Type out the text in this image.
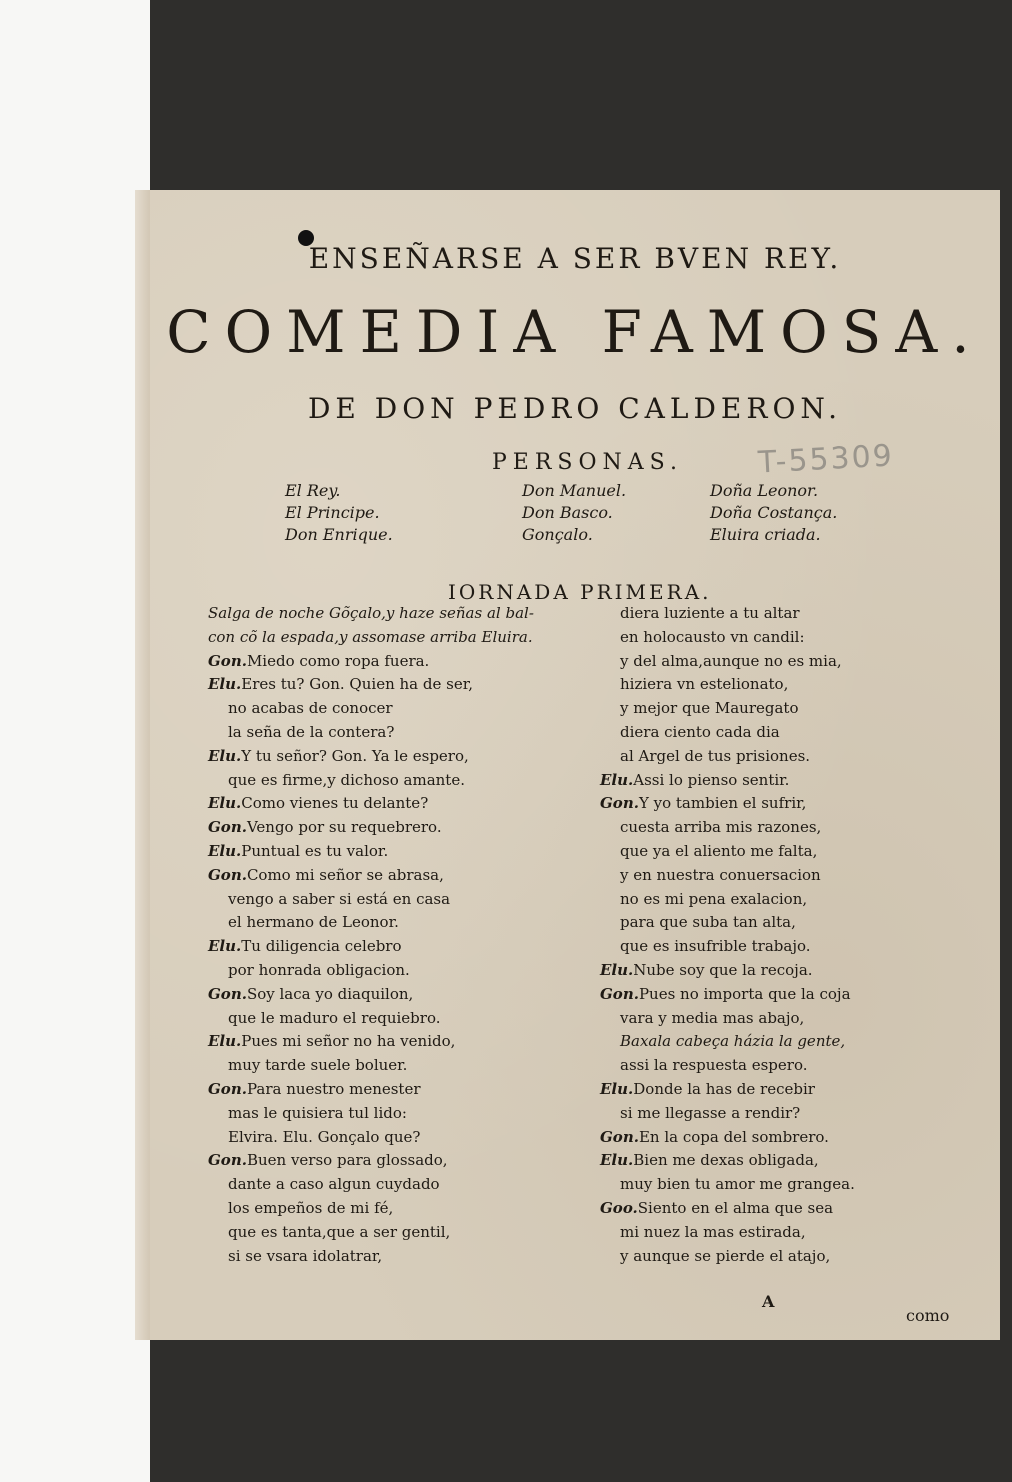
ENSEÑARSE A SER BVEN REY.
COMEDIA FAMOSA.
DE DON PEDRO CALDERON.
T-55309
PERSONAS.
El Rey.
El Principe.
Don Enrique.
Don Manuel.
Don Basco.
Gonçalo.
Doña Leonor.
Doña Costança.
Eluira criada.
IORNADA PRIMERA.
Salga de noche Gõçalo,y haze señas al bal-
con cõ la espada,y assomase arriba Eluira.
Gon.Miedo como ropa fuera.
Elu.Eres tu? Gon. Quien ha de ser,
no acabas de conocer
la seña de la contera?
Elu.Y tu señor? Gon. Ya le espero,
que es firme,y dichoso amante.
Elu.Como vienes tu delante?
Gon.Vengo por su requebrero.
Elu.Puntual es tu valor.
Gon.Como mi señor se abrasa,
vengo a saber si está en casa
el hermano de Leonor.
Elu.Tu diligencia celebro
por honrada obligacion.
Gon.Soy laca yo diaquilon,
que le maduro el requiebro.
Elu.Pues mi señor no ha venido,
muy tarde suele boluer.
Gon.Para nuestro menester
mas le quisiera tul lido:
Elvira. Elu. Gonçalo que?
Gon.Buen verso para glossado,
dante a caso algun cuydado
los empeños de mi fé,
que es tanta,que a ser gentil,
si se vsara idolatrar,
diera luziente a tu altar
en holocausto vn candil:
y del alma,aunque no es mia,
hiziera vn estelionato,
y mejor que Mauregato
diera ciento cada dia
al Argel de tus prisiones.
Elu.Assi lo pienso sentir.
Gon.Y yo tambien el sufrir,
cuesta arriba mis razones,
que ya el aliento me falta,
y en nuestra conuersacion
no es mi pena exalacion,
para que suba tan alta,
que es insufrible trabajo.
Elu.Nube soy que la recoja.
Gon.Pues no importa que la coja
vara y media mas abajo,
Baxala cabeça házia la gente,
assi la respuesta espero.
Elu.Donde la has de recebir
si me llegasse a rendir?
Gon.En la copa del sombrero.
Elu.Bien me dexas obligada,
muy bien tu amor me grangea.
Goo.Siento en el alma que sea
mi nuez la mas estirada,
y aunque se pierde el atajo,
A
como
